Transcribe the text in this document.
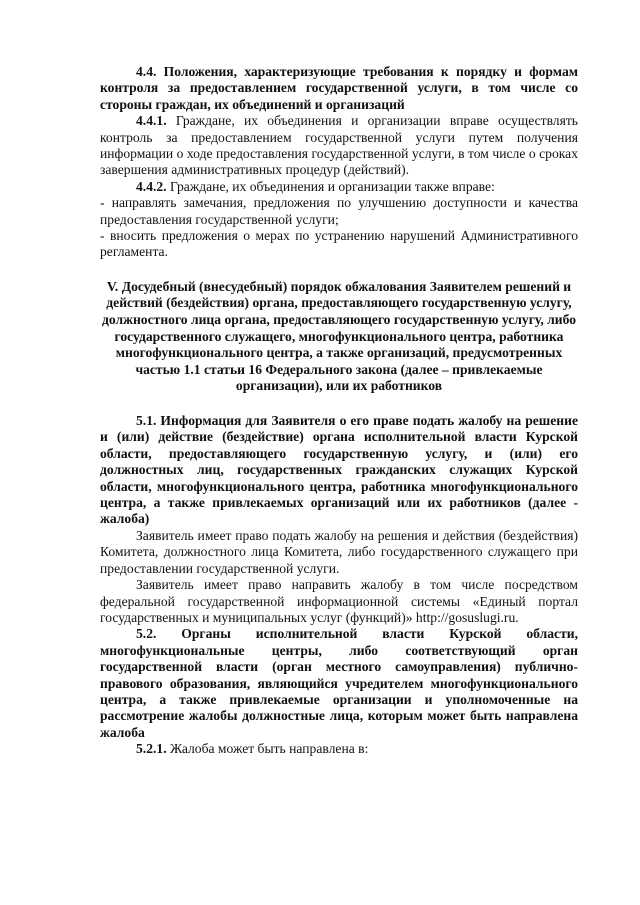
4.4. Положения, характеризующие требования к порядку и формам контроля за предоставлением государственной услуги, в том числе со стороны граждан, их объединений и организаций

4.4.1. Граждане, их объединения и организации вправе осуществлять контроль за предоставлением государственной услуги путем получения информации о ходе предоставления государственной услуги, в том числе о сроках завершения административных процедур (действий).

4.4.2. Граждане, их объединения и организации также вправе:

- направлять замечания, предложения по улучшению доступности и качества предоставления государственной услуги;

- вносить предложения о мерах по устранению нарушений Административного регламента.

V. Досудебный (внесудебный) порядок обжалования Заявителем решений и действий (бездействия) органа, предоставляющего государственную услугу, должностного лица органа, предоставляющего государственную услугу, либо государственного служащего, многофункционального центра, работника многофункционального центра, а также организаций, предусмотренных частью 1.1 статьи 16 Федерального закона (далее – привлекаемые организации), или их работников

5.1. Информация для Заявителя о его праве подать жалобу на решение и (или) действие (бездействие) органа исполнительной власти Курской области, предоставляющего государственную услугу, и (или) его должностных лиц, государственных гражданских служащих Курской области, многофункционального центра, работника многофункционального центра, а также привлекаемых организаций или их работников (далее - жалоба)

Заявитель имеет право подать жалобу на решения и действия (бездействия) Комитета, должностного лица Комитета, либо государственного служащего при предоставлении государственной услуги.

Заявитель имеет право направить жалобу в том числе посредством федеральной государственной информационной системы «Единый портал государственных и муниципальных услуг (функций)» http://gosuslugi.ru.

5.2. Органы исполнительной власти Курской области, многофункциональные центры, либо соответствующий орган государственной власти (орган местного самоуправления) публично-правового образования, являющийся учредителем многофункционального центра, а также привлекаемые организации и уполномоченные на рассмотрение жалобы должностные лица, которым может быть направлена жалоба

5.2.1. Жалоба может быть направлена в:
